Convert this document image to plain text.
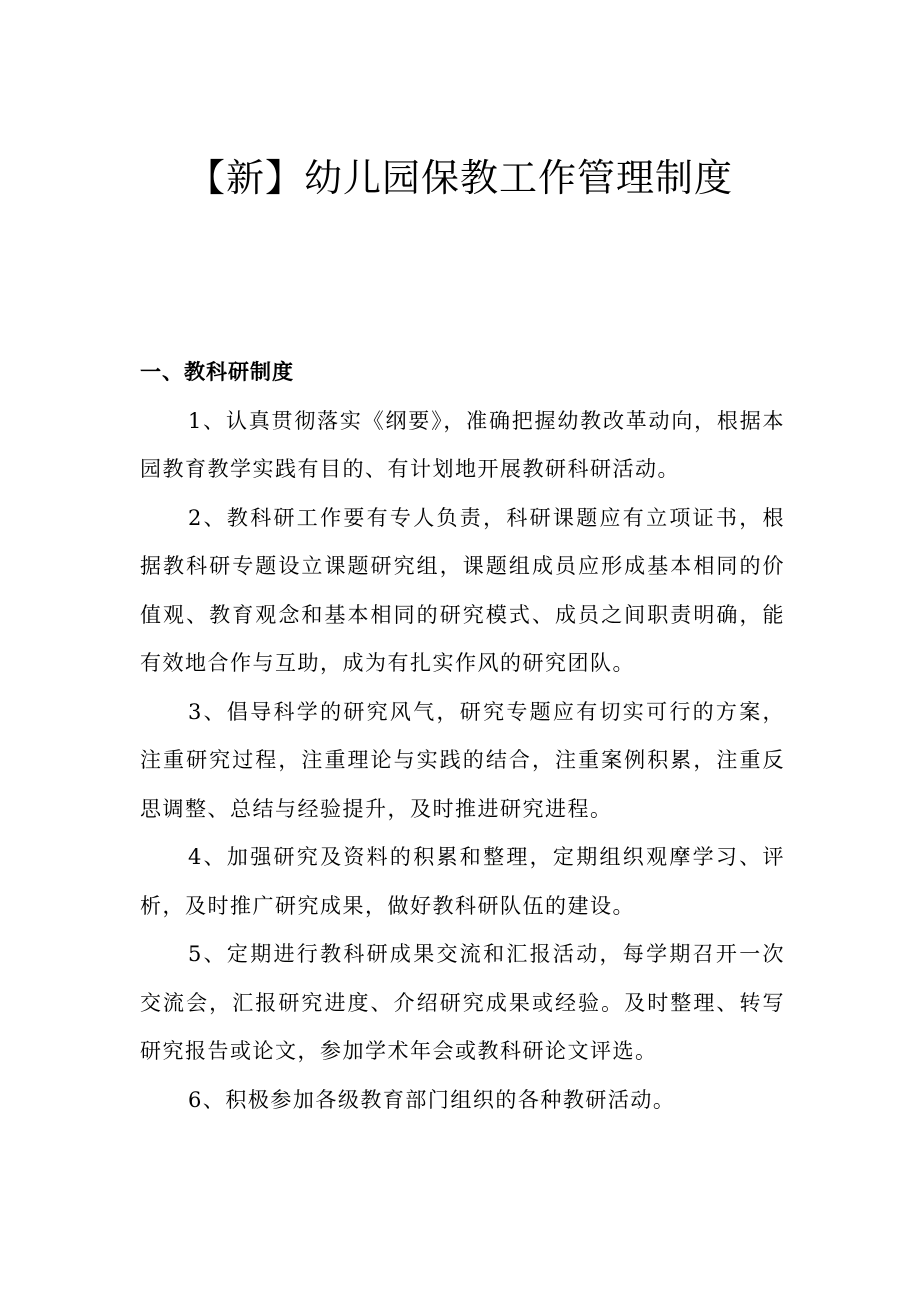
【新】幼儿园保教工作管理制度

一、教科研制度

1、认真贯彻落实《纲要》，准确把握幼教改革动向，根据本园教育教学实践有目的、有计划地开展教研科研活动。

2、教科研工作要有专人负责，科研课题应有立项证书，根据教科研专题设立课题研究组，课题组成员应形成基本相同的价值观、教育观念和基本相同的研究模式、成员之间职责明确，能有效地合作与互助，成为有扎实作风的研究团队。

3、倡导科学的研究风气，研究专题应有切实可行的方案，注重研究过程，注重理论与实践的结合，注重案例积累，注重反思调整、总结与经验提升，及时推进研究进程。

4、加强研究及资料的积累和整理，定期组织观摩学习、评析，及时推广研究成果，做好教科研队伍的建设。

5、定期进行教科研成果交流和汇报活动，每学期召开一次交流会，汇报研究进度、介绍研究成果或经验。及时整理、转写研究报告或论文，参加学术年会或教科研论文评选。

6、积极参加各级教育部门组织的各种教研活动。
